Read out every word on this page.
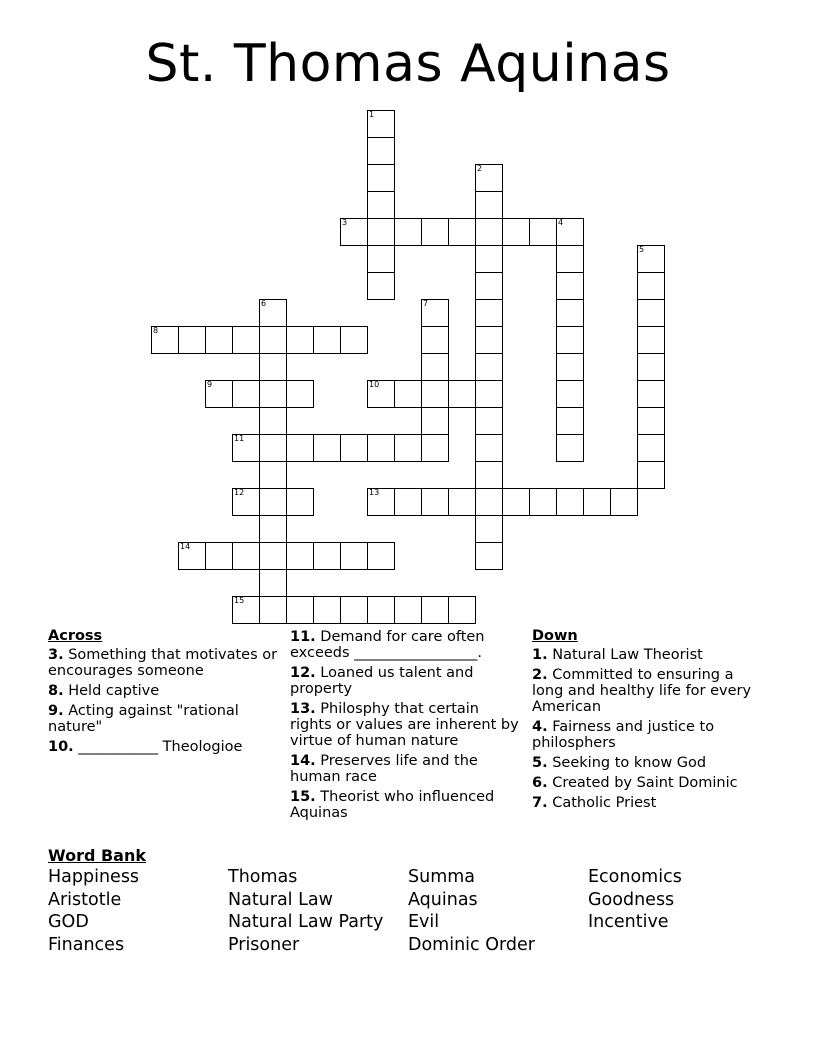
St. Thomas Aquinas
1
2
3	4
5
6	7
8
9	10
11
12	13
14
15
Across
3. Something that motivates or encourages someone
8. Held captive
9. Acting against "rational nature"
10. ___________ Theologioe
11. Demand for care often exceeds _________________.
12. Loaned us talent and property
13. Philosphy that certain rights or values are inherent by virtue of human nature
14. Preserves life and the human race
15. Theorist who influenced Aquinas
Down
1. Natural Law Theorist
2. Committed to ensuring a long and healthy life for every American
4. Fairness and justice to philosphers
5. Seeking to know God
6. Created by Saint Dominic
7. Catholic Priest
Word Bank
Happiness
Aristotle
GOD
Finances
Thomas
Natural Law
Natural Law Party
Prisoner
Summa
Aquinas
Evil
Dominic Order
Economics
Goodness
Incentive
